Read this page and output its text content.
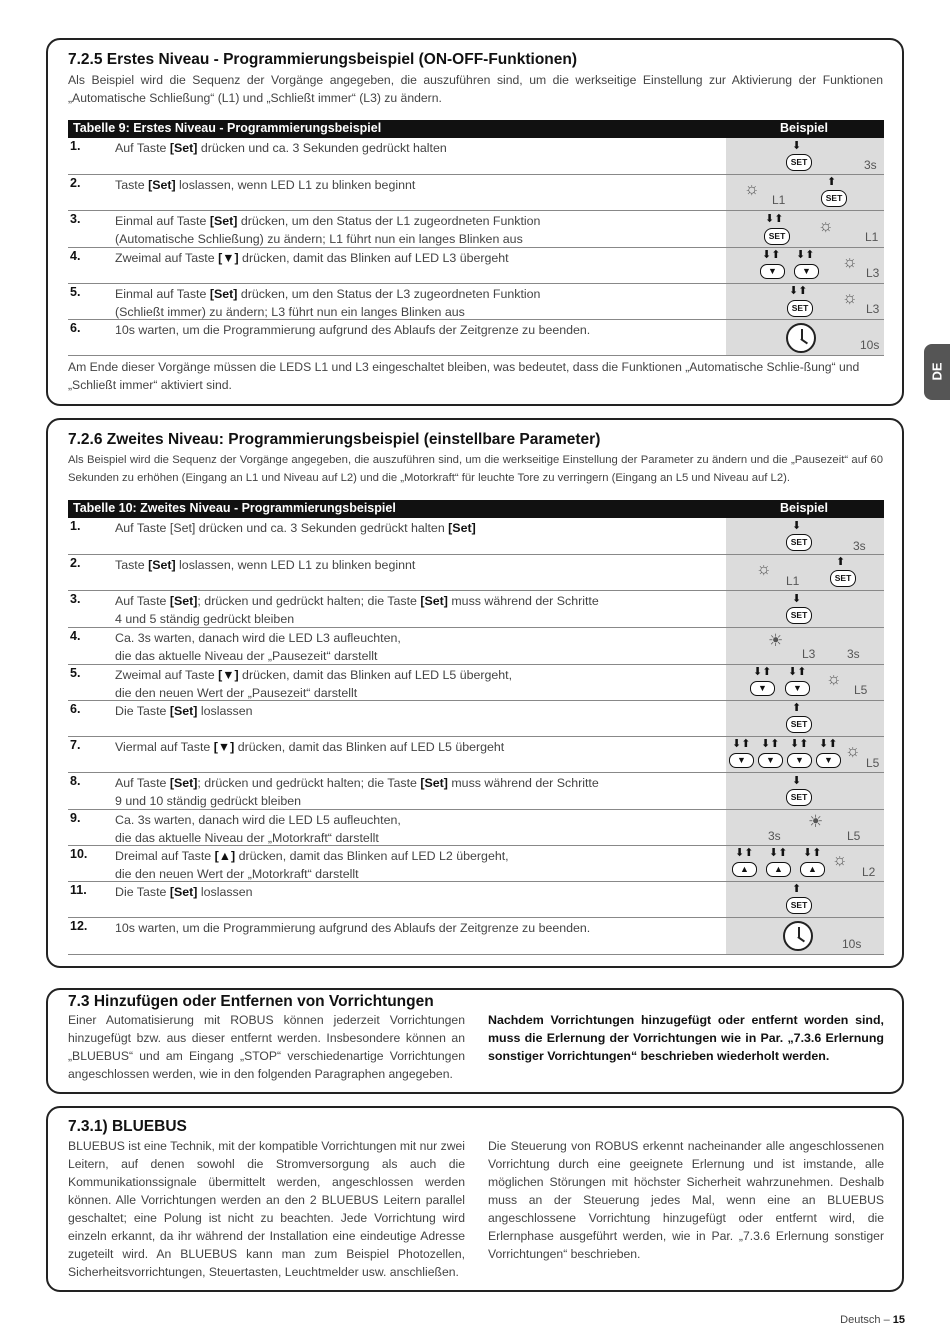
7.2.5 Erstes Niveau - Programmierungsbeispiel (ON-OFF-Funktionen)
Als Beispiel wird die Sequenz der Vorgänge angegeben, die auszuführen sind, um die werkseitige Einstellung zur Aktivierung der Funktionen „Automatische Schließung“ (L1) und „Schließt immer“ (L3) zu ändern.
Tabelle 9: Erstes Niveau - Programmierungsbeispiel	Beispiel
1.	Auf Taste [Set] drücken und ca. 3 Sekunden gedrückt halten	⬇
SET	3s
2.	Taste [Set] loslassen, wenn LED L1 zu blinken beginnt	☼
L1
⬆
SET
3.	Einmal auf Taste [Set] drücken, um den Status der L1 zugeordneten Funktion
(Automatische Schließung) zu ändern; L1 führt nun ein langes Blinken aus
⬇⬆
SET
☼
L1
4.	Zweimal auf Taste [▼] drücken, damit das Blinken auf LED L3 übergeht	⬇⬆
▼
⬇⬆
▼	☼
L3
5.	Einmal auf Taste [Set] drücken, um den Status der L3 zugeordneten Funktion
(Schließt immer) zu ändern; L3 führt nun ein langes Blinken aus
⬇⬆
SET
☼
L3
6.	10s warten, um die Programmierung aufgrund des Ablaufs der Zeitgrenze zu beenden.
10s
Am Ende dieser Vorgänge müssen die LEDS L1 und L3 eingeschaltet bleiben, was bedeutet, dass die Funktionen „Automatische Schlie-ßung“ und „Schließt immer“ aktiviert sind.
DE
7.2.6 Zweites Niveau: Programmierungsbeispiel (einstellbare Parameter)
Als Beispiel wird die Sequenz der Vorgänge angegeben, die auszuführen sind, um die werkseitige Einstellung der Parameter zu ändern und die „Pausezeit“ auf 60 Sekunden zu erhöhen (Eingang an L1 und Niveau auf L2) und die „Motorkraft“ für leuchte Tore zu verringern (Eingang an L5 und Niveau auf L2).
Tabelle 10: Zweites Niveau - Programmierungsbeispiel	Beispiel
1.	Auf Taste [Set] drücken und ca. 3 Sekunden gedrückt halten [Set]	⬇
SET	3s
2.	Taste [Set] loslassen, wenn LED L1 zu blinken beginnt	☼
L1
⬆
SET
3.	Auf Taste [Set]; drücken und gedrückt halten; die Taste [Set] muss während der Schritte
4 und 5 ständig gedrückt bleiben
⬇
SET
4.	Ca. 3s warten, danach wird die LED L3 aufleuchten,
die das aktuelle Niveau der „Pausezeit“ darstellt
☀
L3	3s
5.	Zweimal auf Taste [▼] drücken, damit das Blinken auf LED L5 übergeht,
die den neuen Wert der „Pausezeit“ darstellt
⬇⬆
▼
⬇⬆
▼	☼
L5
6.	Die Taste [Set] loslassen	⬆
SET
7.	Viermal auf Taste [▼] drücken, damit das Blinken auf LED L5 übergeht	⬇⬆
▼
⬇⬆
▼
⬇⬆
▼
⬇⬆
▼ ☼
L5
8.	Auf Taste [Set]; drücken und gedrückt halten; die Taste [Set] muss während der Schritte
9 und 10 ständig gedrückt bleiben
⬇
SET
9.	Ca. 3s warten, danach wird die LED L5 aufleuchten,
die das aktuelle Niveau der „Motorkraft“ darstellt	3s
☀
L5
10. Dreimal auf Taste [▲] drücken, damit das Blinken auf LED L2 übergeht,
die den neuen Wert der „Motorkraft“ darstellt
⬇⬆
▲
⬇⬆
▲
⬇⬆
▲ ☼
L2
11. Die Taste [Set] loslassen	⬆
SET
12. 10s warten, um die Programmierung aufgrund des Ablaufs der Zeitgrenze zu beenden.
10s
7.3 Hinzufügen oder Entfernen von Vorrichtungen
Einer Automatisierung mit ROBUS können jederzeit Vorrichtungen hinzugefügt bzw. aus dieser entfernt werden. Insbesondere können an „BLUEBUS“ und am Eingang „STOP“ verschiedenartige Vorrichtungen angeschlossen werden, wie in den folgenden Paragraphen angegeben.
Nachdem Vorrichtungen hinzugefügt oder entfernt worden sind, muss die Erlernung der Vorrichtungen wie in Par. „7.3.6 Erlernung sonstiger Vorrichtungen“ beschrieben wiederholt werden.
7.3.1) BLUEBUS
BLUEBUS ist eine Technik, mit der kompatible Vorrichtungen mit nur zwei Leitern, auf denen sowohl die Stromversorgung als auch die Kommunikationssignale übermittelt werden, angeschlossen werden können. Alle Vorrichtungen werden an den 2 BLUEBUS Leitern parallel geschaltet; eine Polung ist nicht zu beachten. Jede Vorrichtung wird einzeln erkannt, da ihr während der Installation eine eindeutige Adresse zugeteilt wird. An BLUEBUS kann man zum Beispiel Photozellen, Sicherheitsvorrichtungen, Steuertasten, Leuchtmelder usw. anschließen.
Die Steuerung von ROBUS erkennt nacheinander alle angeschlossenen Vorrichtung durch eine geeignete Erlernung und ist imstande, alle möglichen Störungen mit höchster Sicherheit wahrzunehmen. Deshalb muss an der Steuerung jedes Mal, wenn eine an BLUEBUS angeschlossene Vorrichtung hinzugefügt oder entfernt wird, die Erlernphase ausgeführt werden, wie in Par. „7.3.6 Erlernung sonstiger Vorrichtungen“ beschrieben.
Deutsch – 15
